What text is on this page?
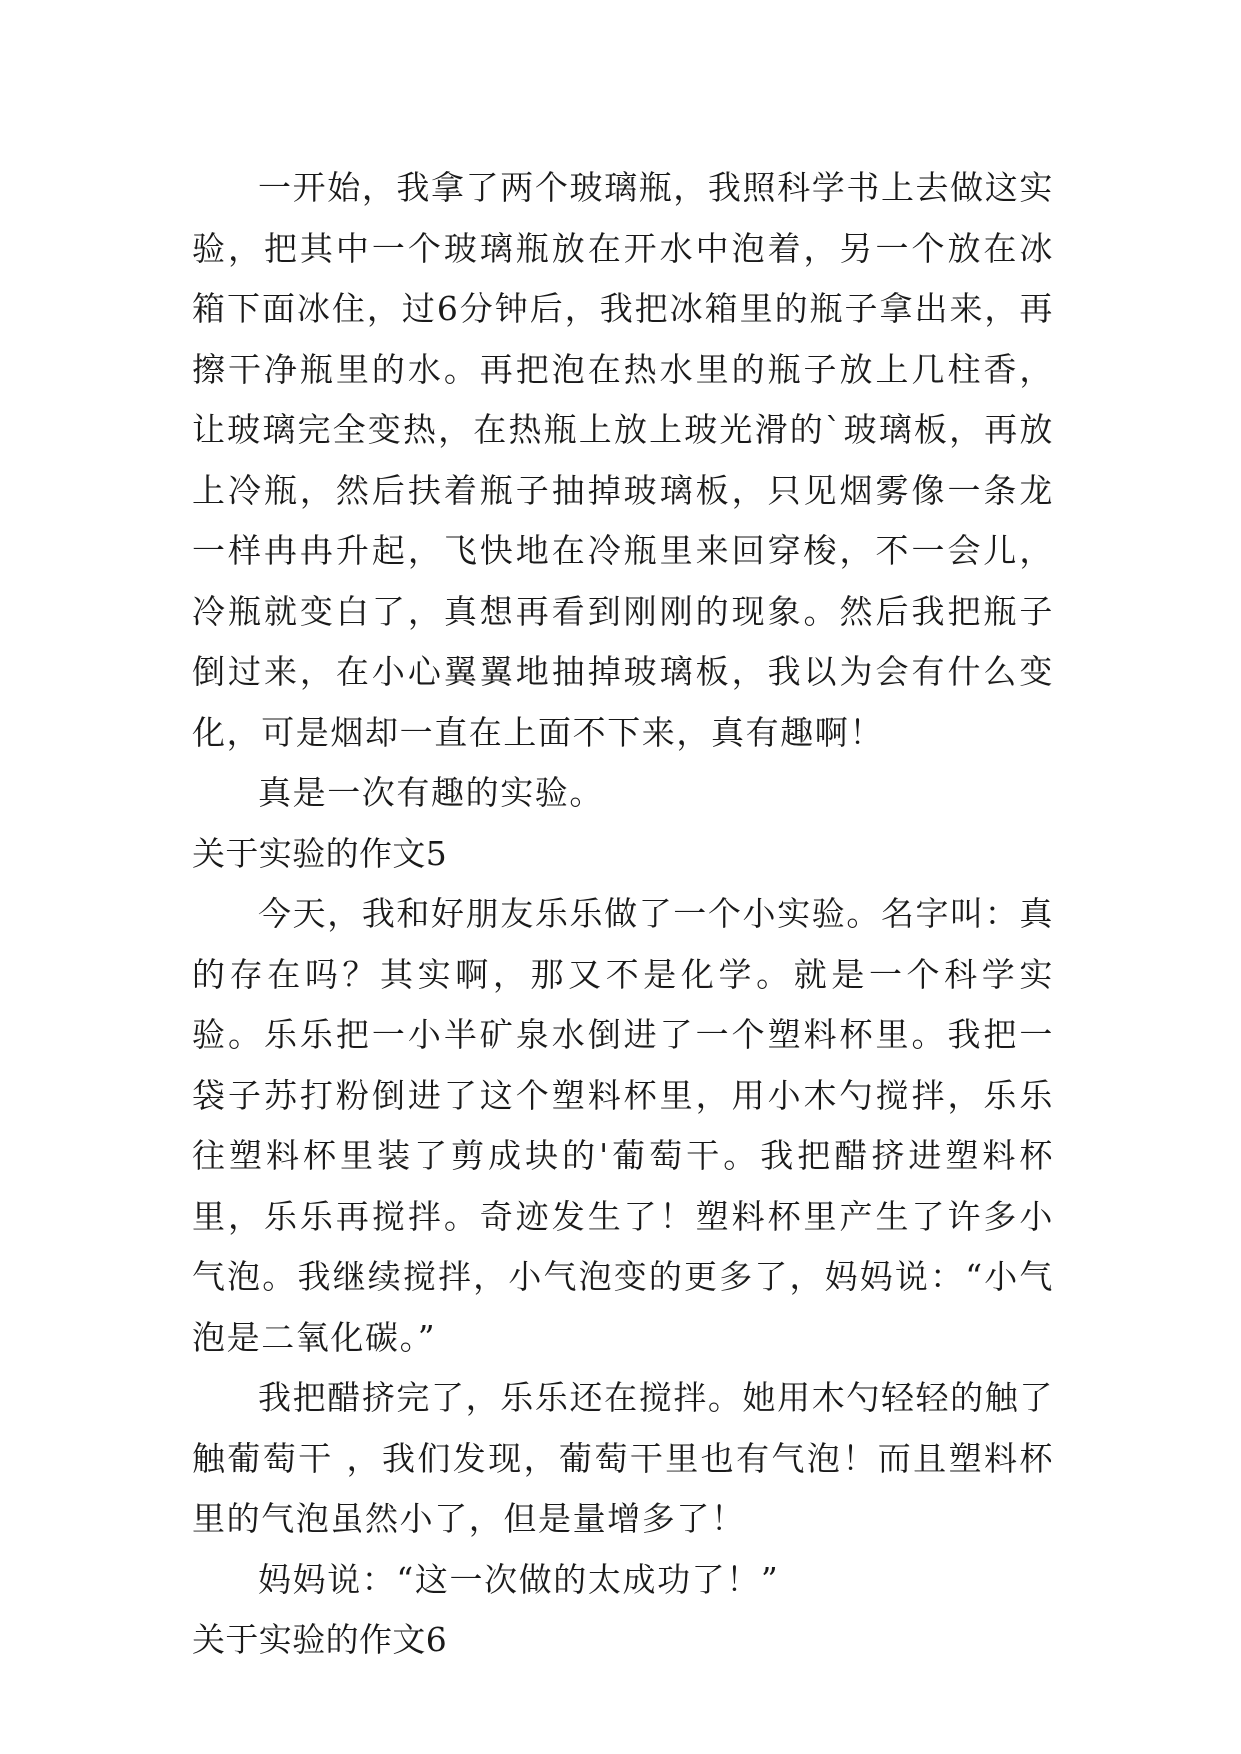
一开始，我拿了两个玻璃瓶，我照科学书上去做这实验，把其中一个玻璃瓶放在开水中泡着，另一个放在冰箱下面冰住，过6分钟后，我把冰箱里的瓶子拿出来，再擦干净瓶里的水。再把泡在热水里的瓶子放上几柱香，让玻璃完全变热，在热瓶上放上玻光滑的`玻璃板，再放上冷瓶，然后扶着瓶子抽掉玻璃板，只见烟雾像一条龙一样冉冉升起，飞快地在冷瓶里来回穿梭，不一会儿，冷瓶就变白了，真想再看到刚刚的现象。然后我把瓶子倒过来，在小心翼翼地抽掉玻璃板，我以为会有什么变化，可是烟却一直在上面不下来，真有趣啊！

真是一次有趣的实验。

关于实验的作文5

今天，我和好朋友乐乐做了一个小实验。名字叫：真的存在吗？其实啊，那又不是化学。就是一个科学实验。乐乐把一小半矿泉水倒进了一个塑料杯里。我把一袋子苏打粉倒进了这个塑料杯里，用小木勺搅拌，乐乐往塑料杯里装了剪成块的'葡萄干。我把醋挤进塑料杯里，乐乐再搅拌。奇迹发生了！塑料杯里产生了许多小气泡。我继续搅拌，小气泡变的更多了，妈妈说：“小气泡是二氧化碳。”

我把醋挤完了，乐乐还在搅拌。她用木勺轻轻的触了触葡萄干 ，我们发现，葡萄干里也有气泡！而且塑料杯里的气泡虽然小了，但是量增多了！

妈妈说：“这一次做的太成功了！”

关于实验的作文6
